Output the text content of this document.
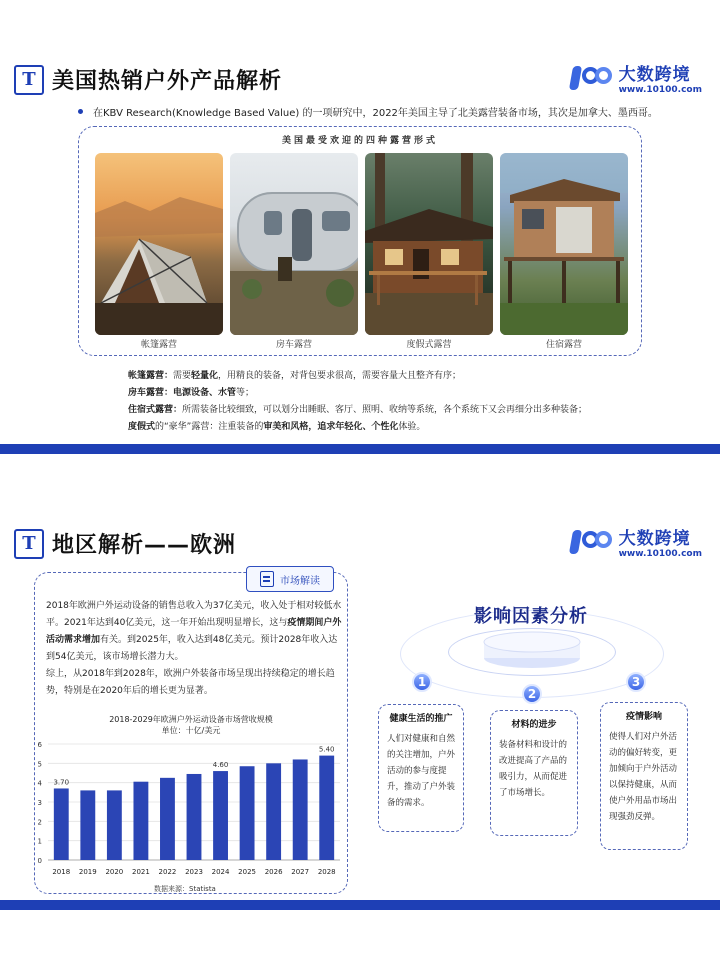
T 美国热销户外产品解析	大数跨境
www.10100.com
在KBV Research(Knowledge Based Value) 的一项研究中，2022年美国主导了北美露营装备市场，其次是加拿大、墨西哥。
美国最受欢迎的四种露营形式
帐篷露营	房车露营	度假式露营	住宿露营
帐篷露营：需要轻量化，用精良的装备，对背包要求很高，需要容量大且整齐有序；
房车露营：电源设备、水管等；
住宿式露营：所需装备比较细致，可以划分出睡眠、客厅、照明、收纳等系统，各个系统下又会再细分出多种装备；
度假式的“豪华”露营：注重装备的审美和风格，追求年轻化、个性化体验。
T 地区解析——欧洲	大数跨境
www.10100.com
市场解读
2018年欧洲户外运动设备的销售总收入为37亿美元，收入处于相对较低水平。2021年达到40亿美元，这一年开始出现明显增长，这与疫情期间户外活动需求增加有关。到2025年，收入达到48亿美元。预计2028年收入达到54亿美元，该市场增长潜力大。
综上，从2018年到2028年，欧洲户外装备市场呈现出持续稳定的增长趋势，特别是在2020年后的增长更为显著。
2018-2029年欧洲户外运动设备市场营收规模
单位：十亿/美元
0
1
2
3
4
5
6
2018
3.70
2019 2020 2021 2022 2023 2024
4.60
2025 2026 2027 2028
5.40
数据来源：Statista
影响因素分析
1
2
3
健康生活的推广
人们对健康和自然的关注增加，户外活动的参与度提升，推动了户外装备的需求。
材料的进步
装备材料和设计的改进提高了产品的吸引力，从而促进了市场增长。
疫情影响
使得人们对户外活动的偏好转变，更加倾向于户外活动以保持健康，从而使户外用品市场出现强劲反弹。
